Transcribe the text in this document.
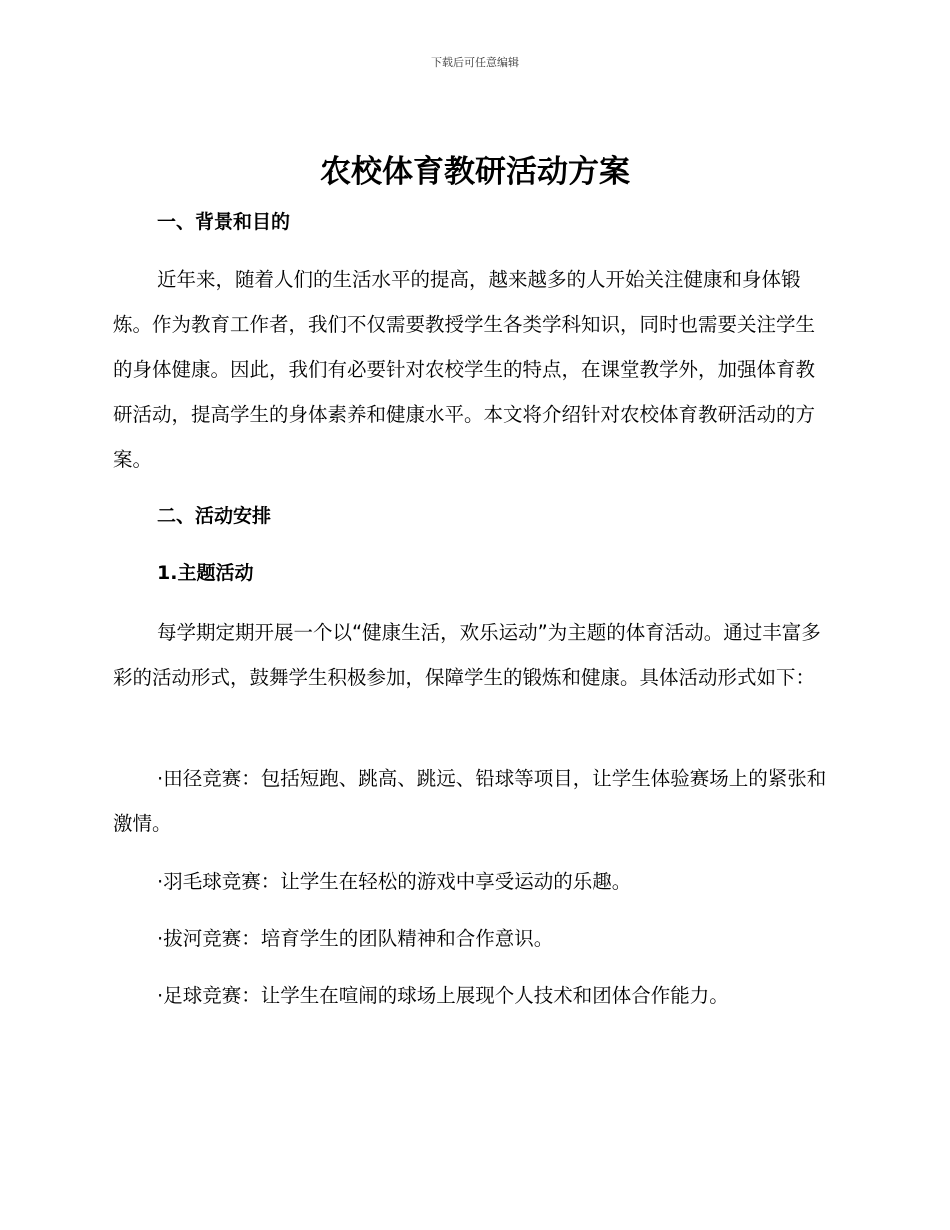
下载后可任意编辑
农校体育教研活动方案
一、背景和目的
近年来，随着人们的生活水平的提高，越来越多的人开始关注健康和身体锻炼。作为教育工作者，我们不仅需要教授学生各类学科知识，同时也需要关注学生的身体健康。因此，我们有必要针对农校学生的特点，在课堂教学外，加强体育教研活动，提高学生的身体素养和健康水平。本文将介绍针对农校体育教研活动的方案。
二、活动安排
1.主题活动
每学期定期开展一个以“健康生活，欢乐运动”为主题的体育活动。通过丰富多彩的活动形式，鼓舞学生积极参加，保障学生的锻炼和健康。具体活动形式如下：
·田径竞赛：包括短跑、跳高、跳远、铅球等项目，让学生体验赛场上的紧张和激情。
·羽毛球竞赛：让学生在轻松的游戏中享受运动的乐趣。
·拔河竞赛：培育学生的团队精神和合作意识。
·足球竞赛：让学生在喧闹的球场上展现个人技术和团体合作能力。
